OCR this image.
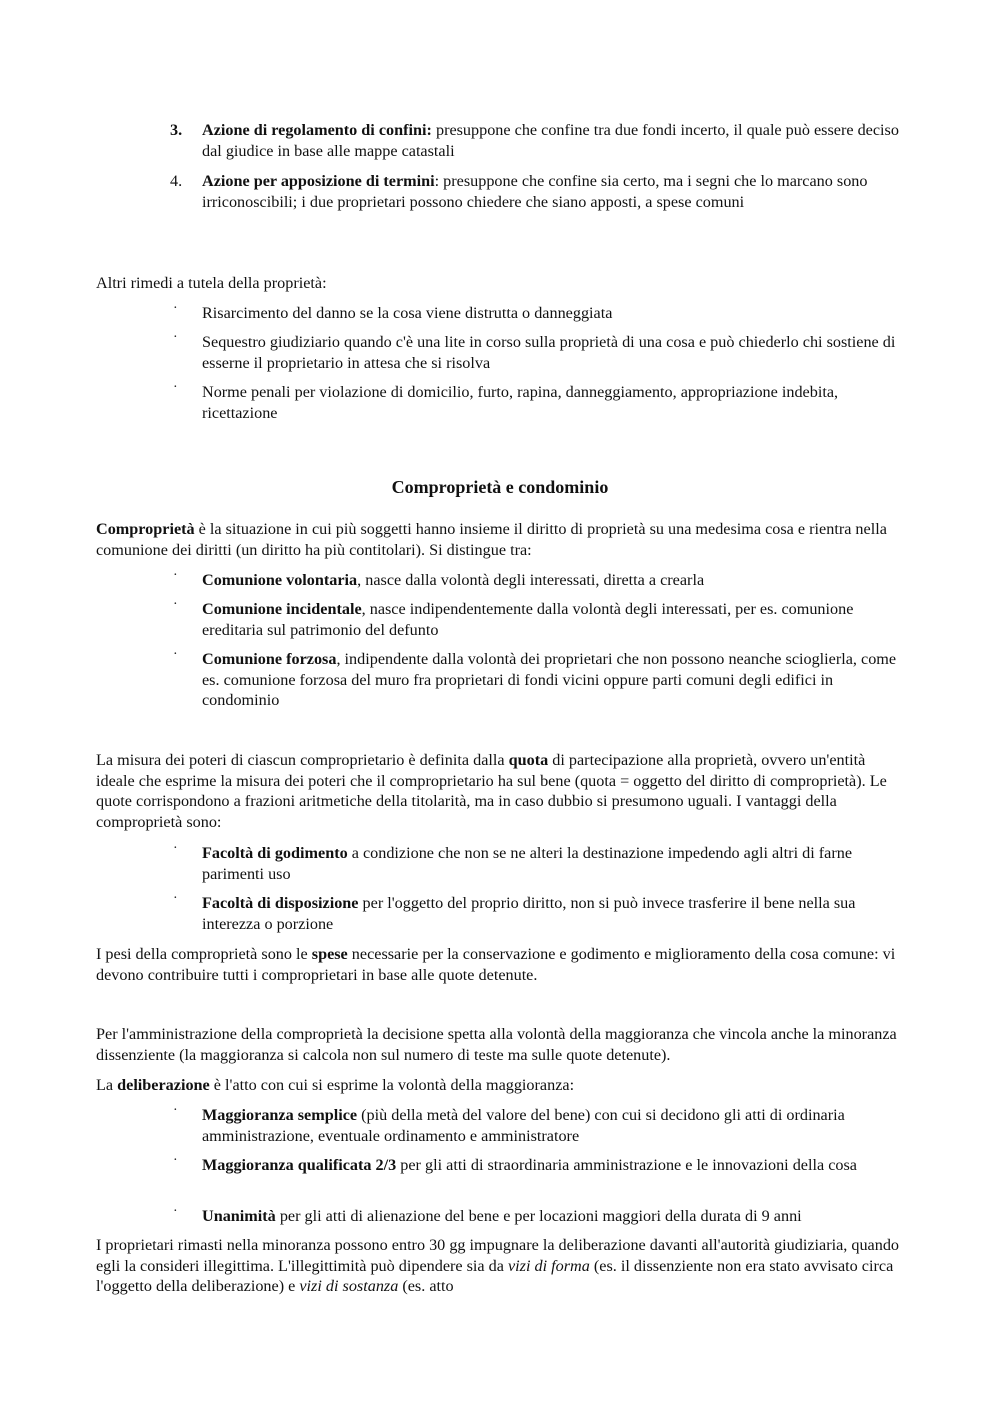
3.	Azione di regolamento di confini: presuppone che confine tra due fondi incerto, il quale può essere deciso dal giudice in base alle mappe catastali
4.	Azione per apposizione di termini: presuppone che confine sia certo, ma i segni che lo marcano sono irriconoscibili; i due proprietari possono chiedere che siano apposti, a spese comuni

Altri rimedi a tutela della proprietà:

·	Risarcimento del danno se la cosa viene distrutta o danneggiata
·	Sequestro giudiziario quando c'è una lite in corso sulla proprietà di una cosa e può chiederlo chi sostiene di esserne il proprietario in attesa che si risolva
·	Norme penali per violazione di domicilio, furto, rapina, danneggiamento, appropriazione indebita, ricettazione
Comproprietà e condominio

Comproprietà è la situazione in cui più soggetti hanno insieme il diritto di proprietà su una medesima cosa e rientra nella comunione dei diritti (un diritto ha più contitolari). Si distingue tra:

·	Comunione volontaria, nasce dalla volontà degli interessati, diretta a crearla
·	Comunione incidentale, nasce indipendentemente dalla volontà degli interessati, per es. comunione ereditaria sul patrimonio del defunto
·	Comunione forzosa, indipendente dalla volontà dei proprietari che non possono neanche scioglierla, come es. comunione forzosa del muro fra proprietari di fondi vicini oppure parti comuni degli edifici in condominio

La misura dei poteri di ciascun comproprietario è definita dalla quota di partecipazione alla proprietà, ovvero un'entità ideale che esprime la misura dei poteri che il comproprietario ha sul bene (quota = oggetto del diritto di comproprietà). Le quote corrispondono a frazioni aritmetiche della titolarità, ma in caso dubbio si presumono uguali. I vantaggi della comproprietà sono:

·	Facoltà di godimento a condizione che non se ne alteri la destinazione impedendo agli altri di farne parimenti uso
·	Facoltà di disposizione per l'oggetto del proprio diritto, non si può invece trasferire il bene nella sua interezza o porzione

I pesi della comproprietà sono le spese necessarie per la conservazione e godimento e miglioramento della cosa comune: vi devono contribuire tutti i comproprietari in base alle quote detenute.

Per l'amministrazione della comproprietà la decisione spetta alla volontà della maggioranza che vincola anche la minoranza dissenziente (la maggioranza si calcola non sul numero di teste ma sulle quote detenute).

La deliberazione è l'atto con cui si esprime la volontà della maggioranza:

·	Maggioranza semplice (più della metà del valore del bene) con cui si decidono gli atti di ordinaria amministrazione, eventuale ordinamento e amministratore
·	Maggioranza qualificata 2/3 per gli atti di straordinaria amministrazione e le innovazioni della cosa
·	Unanimità per gli atti di alienazione del bene e per locazioni maggiori della durata di 9 anni

I proprietari rimasti nella minoranza possono entro 30 gg impugnare la deliberazione davanti all'autorità giudiziaria, quando egli la consideri illegittima. L'illegittimità può dipendere sia da vizi di forma (es. il dissenziente non era stato avvisato circa l'oggetto della deliberazione) e vizi di sostanza (es. atto
